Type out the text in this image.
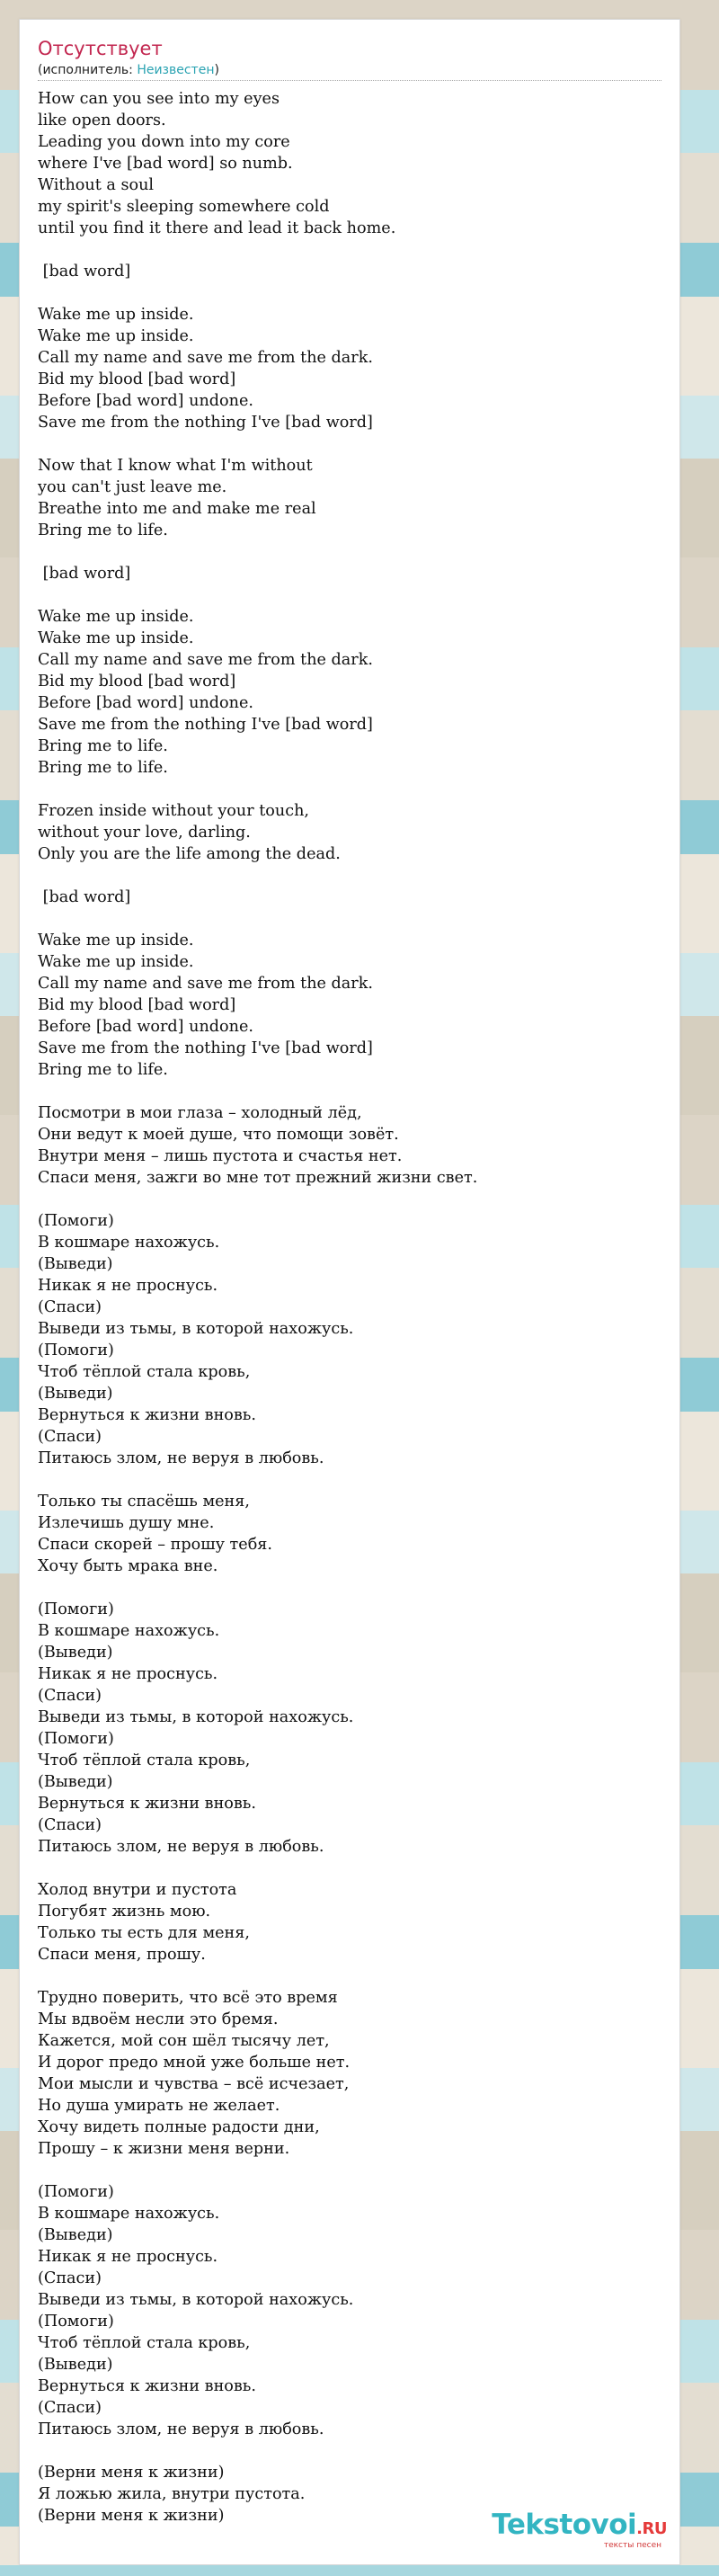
Отсутствует
(исполнитель: Неизвестен)
How can you see into my eyes
like open doors.
Leading you down into my core
where I've [bad word] so numb.
Without a soul
my spirit's sleeping somewhere cold
until you find it there and lead it back home.
[bad word]
Wake me up inside.
Wake me up inside.
Call my name and save me from the dark.
Bid my blood [bad word]
Before [bad word] undone.
Save me from the nothing I've [bad word]
Now that I know what I'm without
you can't just leave me.
Breathe into me and make me real
Bring me to life.
[bad word]
Wake me up inside.
Wake me up inside.
Call my name and save me from the dark.
Bid my blood [bad word]
Before [bad word] undone.
Save me from the nothing I've [bad word]
Bring me to life.
Bring me to life.
Frozen inside without your touch,
without your love, darling.
Only you are the life among the dead.
[bad word]
Wake me up inside.
Wake me up inside.
Call my name and save me from the dark.
Bid my blood [bad word]
Before [bad word] undone.
Save me from the nothing I've [bad word]
Bring me to life.
Посмотри в мои глаза – холодный лёд,
Они ведут к моей душе, что помощи зовёт.
Внутри меня – лишь пустота и счастья нет.
Спаси меня, зажги во мне тот прежний жизни свет.
(Помоги)
В кошмаре нахожусь.
(Выведи)
Никак я не проснусь.
(Спаси)
Выведи из тьмы, в которой нахожусь.
(Помоги)
Чтоб тёплой стала кровь,
(Выведи)
Вернуться к жизни вновь.
(Спаси)
Питаюсь злом, не веруя в любовь.
Только ты спасёшь меня,
Излечишь душу мне.
Спаси скорей – прошу тебя.
Хочу быть мрака вне.
(Помоги)
В кошмаре нахожусь.
(Выведи)
Никак я не проснусь.
(Спаси)
Выведи из тьмы, в которой нахожусь.
(Помоги)
Чтоб тёплой стала кровь,
(Выведи)
Вернуться к жизни вновь.
(Спаси)
Питаюсь злом, не веруя в любовь.
Холод внутри и пустота
Погубят жизнь мою.
Только ты есть для меня,
Спаси меня, прошу.
Трудно поверить, что всё это время
Мы вдвоём несли это бремя.
Кажется, мой сон шёл тысячу лет,
И дорог предо мной уже больше нет.
Мои мысли и чувства – всё исчезает,
Но душа умирать не желает.
Хочу видеть полные радости дни,
Прошу – к жизни меня верни.
(Помоги)
В кошмаре нахожусь.
(Выведи)
Никак я не проснусь.
(Спаси)
Выведи из тьмы, в которой нахожусь.
(Помоги)
Чтоб тёплой стала кровь,
(Выведи)
Вернуться к жизни вновь.
(Спаси)
Питаюсь злом, не веруя в любовь.
(Верни меня к жизни)
Я ложью жила, внутри пустота.
(Верни меня к жизни)	Tekstovoi.RU
тексты песен
